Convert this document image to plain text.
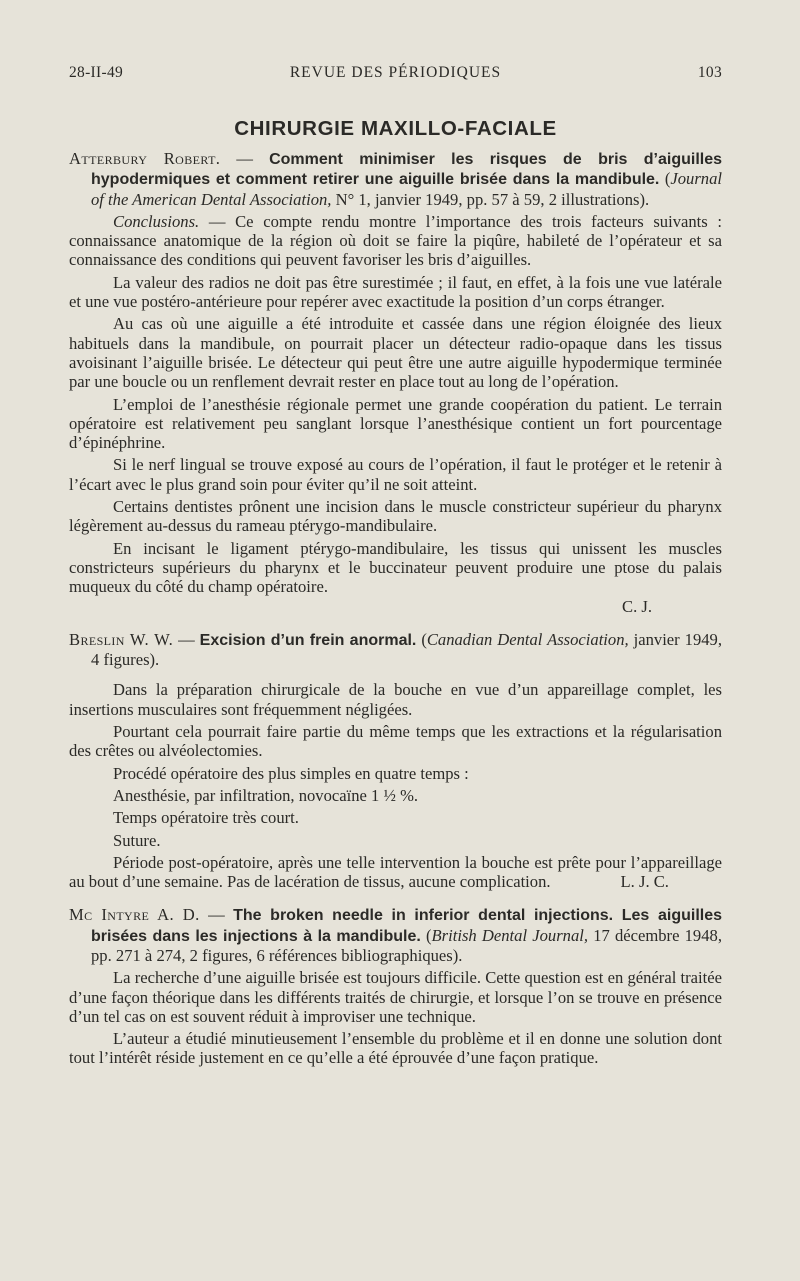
28-II-49	REVUE DES PÉRIODIQUES	103
CHIRURGIE MAXILLO-FACIALE

Atterbury Robert. — Comment minimiser les risques de bris d’aiguilles hypodermiques et comment retirer une aiguille brisée dans la mandibule. (Journal of the American Dental Association, N° 1, janvier 1949, pp. 57 à 59, 2 illustrations).

Conclusions. — Ce compte rendu montre l’importance des trois facteurs suivants : connaissance anatomique de la région où doit se faire la piqûre, habileté de l’opérateur et sa connaissance des conditions qui peuvent favoriser les bris d’aiguilles.

La valeur des radios ne doit pas être surestimée ; il faut, en effet, à la fois une vue latérale et une vue postéro-antérieure pour repérer avec exactitude la position d’un corps étranger.

Au cas où une aiguille a été introduite et cassée dans une région éloignée des lieux habituels dans la mandibule, on pourrait placer un détecteur radio-opaque dans les tissus avoisinant l’aiguille brisée. Le détecteur qui peut être une autre aiguille hypodermique terminée par une boucle ou un renflement devrait rester en place tout au long de l’opération.

L’emploi de l’anesthésie régionale permet une grande coopération du patient. Le terrain opératoire est relativement peu sanglant lorsque l’anesthésique contient un fort pourcentage d’épinéphrine.

Si le nerf lingual se trouve exposé au cours de l’opération, il faut le protéger et le retenir à l’écart avec le plus grand soin pour éviter qu’il ne soit atteint.

Certains dentistes prônent une incision dans le muscle constricteur supérieur du pharynx légèrement au-dessus du rameau ptérygo-mandibulaire.

En incisant le ligament ptérygo-mandibulaire, les tissus qui unissent les muscles constricteurs supérieurs du pharynx et le buccinateur peuvent produire une ptose du palais muqueux du côté du champ opératoire.

C. J.

Breslin W. W. — Excision d’un frein anormal. (Canadian Dental Association, janvier 1949, 4 figures).

Dans la préparation chirurgicale de la bouche en vue d’un appareillage complet, les insertions musculaires sont fréquemment négligées.

Pourtant cela pourrait faire partie du même temps que les extractions et la régularisation des crêtes ou alvéolectomies.

Procédé opératoire des plus simples en quatre temps :

Anesthésie, par infiltration, novocaïne 1 ½ %.

Temps opératoire très court.

Suture.

Période post-opératoire, après une telle intervention la bouche est prête pour l’appareillage au bout d’une semaine. Pas de lacération de tissus, aucune complication.	L. J. C.

Mc Intyre A. D. — The broken needle in inferior dental injections. Les aiguilles brisées dans les injections à la mandibule. (British Dental Journal, 17 décembre 1948, pp. 271 à 274, 2 figures, 6 références bibliographiques).

La recherche d’une aiguille brisée est toujours difficile. Cette question est en général traitée d’une façon théorique dans les différents traités de chirurgie, et lorsque l’on se trouve en présence d’un tel cas on est souvent réduit à improviser une technique.

L’auteur a étudié minutieusement l’ensemble du problème et il en donne une solution dont tout l’intérêt réside justement en ce qu’elle a été éprouvée d’une façon pratique.
